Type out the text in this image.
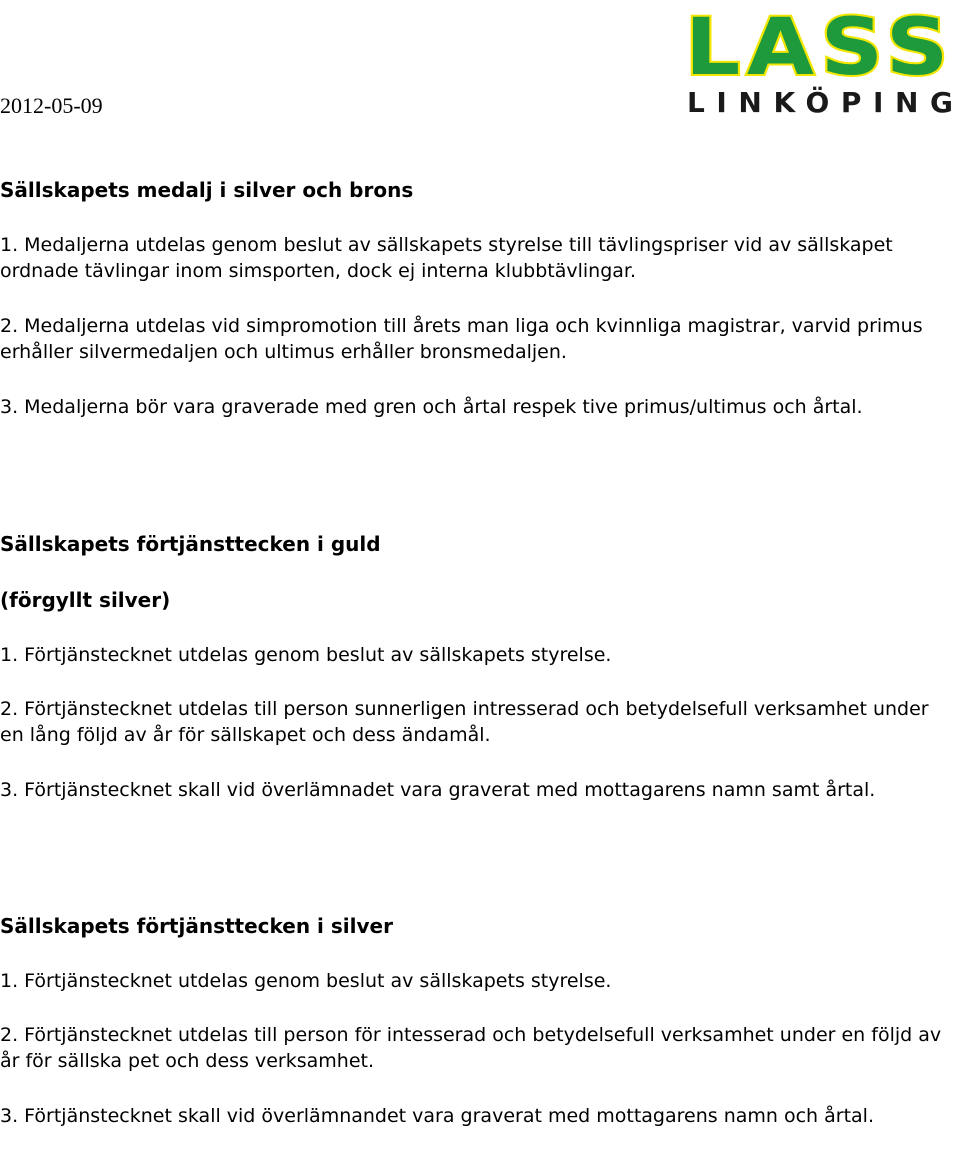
2012-05-09
LASS
LINKÖPING
Sällskapets medalj i silver och brons
1. Medaljerna utdelas genom beslut av sällskapets styrelse till tävlingspriser vid av sällskapet ordnade tävlingar inom simsporten, dock ej interna klubbtävlingar.
2. Medaljerna utdelas vid simpromotion till årets man liga och kvinnliga magistrar, varvid primus erhåller silvermedaljen och ultimus erhåller bronsmedaljen.
3. Medaljerna bör vara graverade med gren och årtal respek tive primus/ultimus och årtal.
Sällskapets förtjänsttecken i guld
(förgyllt silver)
1. Förtjänstecknet utdelas genom beslut av sällskapets styrelse.
2. Förtjänstecknet utdelas till person sunnerligen intresserad och betydelsefull verksamhet under en lång följd av år för sällskapet och dess ändamål.
3. Förtjänstecknet skall vid överlämnadet vara graverat med mottagarens namn samt årtal.
Sällskapets förtjänsttecken i silver
1. Förtjänstecknet utdelas genom beslut av sällskapets styrelse.
2. Förtjänstecknet utdelas till person för intesserad och betydelsefull verksamhet under en följd av år för sällska pet och dess verksamhet.
3. Förtjänstecknet skall vid överlämnandet vara graverat med mottagarens namn och årtal.
